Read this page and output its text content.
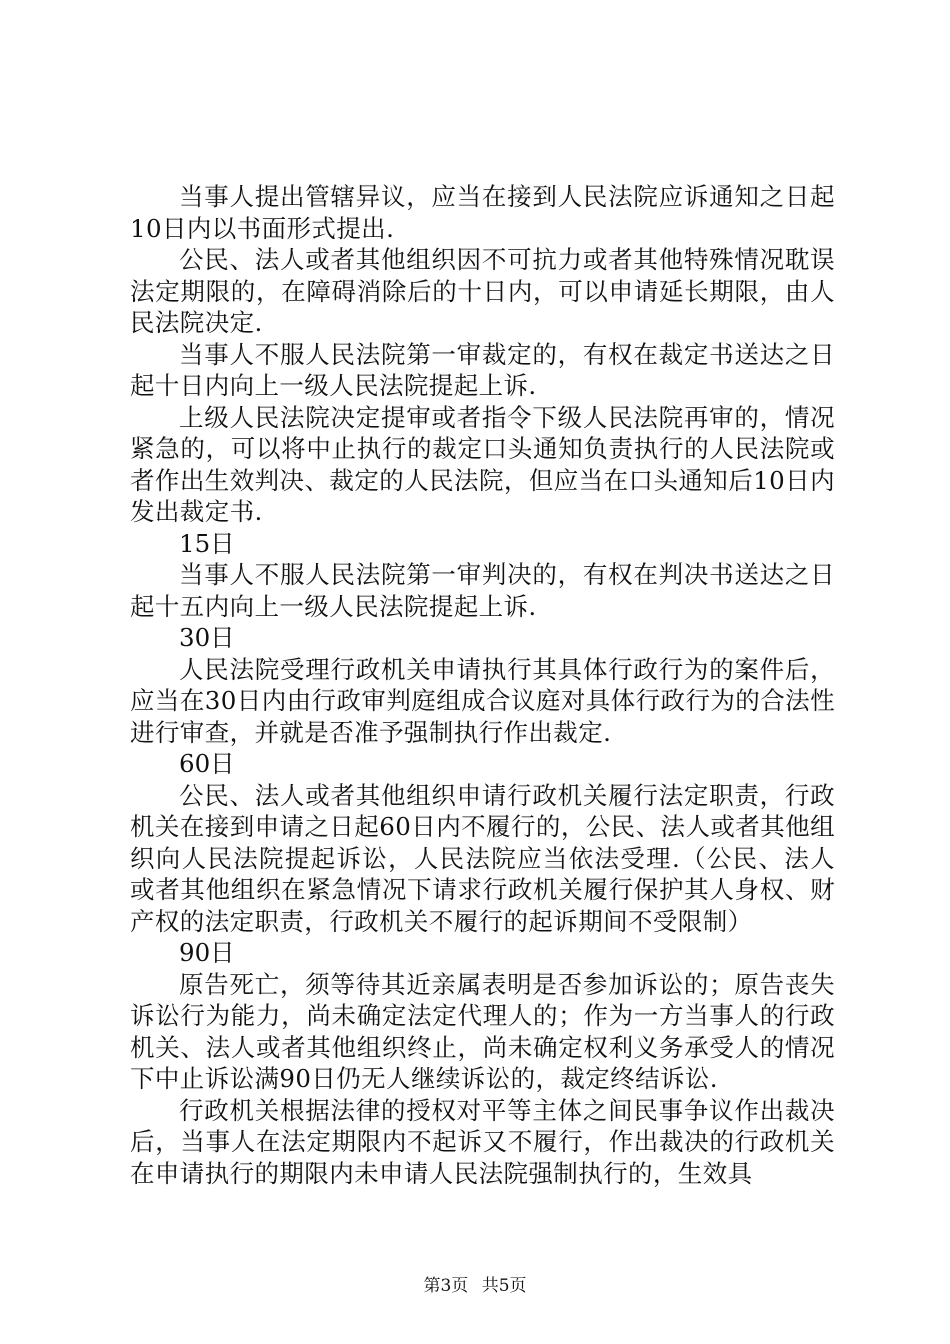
当事人提出管辖异议，应当在接到人民法院应诉通知之日起10日内以书面形式提出.

公民、法人或者其他组织因不可抗力或者其他特殊情况耽误法定期限的，在障碍消除后的十日内，可以申请延长期限，由人民法院决定.

当事人不服人民法院第一审裁定的，有权在裁定书送达之日起十日内向上一级人民法院提起上诉.

上级人民法院决定提审或者指令下级人民法院再审的，情况紧急的，可以将中止执行的裁定口头通知负责执行的人民法院或者作出生效判决、裁定的人民法院，但应当在口头通知后10日内发出裁定书.

15日

当事人不服人民法院第一审判决的，有权在判决书送达之日起十五内向上一级人民法院提起上诉.

30日

人民法院受理行政机关申请执行其具体行政行为的案件后，应当在30日内由行政审判庭组成合议庭对具体行政行为的合法性进行审查，并就是否准予强制执行作出裁定.

60日

公民、法人或者其他组织申请行政机关履行法定职责，行政机关在接到申请之日起60日内不履行的，公民、法人或者其他组织向人民法院提起诉讼，人民法院应当依法受理.（公民、法人或者其他组织在紧急情况下请求行政机关履行保护其人身权、财产权的法定职责，行政机关不履行的起诉期间不受限制）

90日

原告死亡，须等待其近亲属表明是否参加诉讼的；原告丧失诉讼行为能力，尚未确定法定代理人的；作为一方当事人的行政机关、法人或者其他组织终止，尚未确定权利义务承受人的情况下中止诉讼满90日仍无人继续诉讼的，裁定终结诉讼.

行政机关根据法律的授权对平等主体之间民事争议作出裁决后，当事人在法定期限内不起诉又不履行，作出裁决的行政机关在申请执行的期限内未申请人民法院强制执行的，生效具

第3页 共5页
